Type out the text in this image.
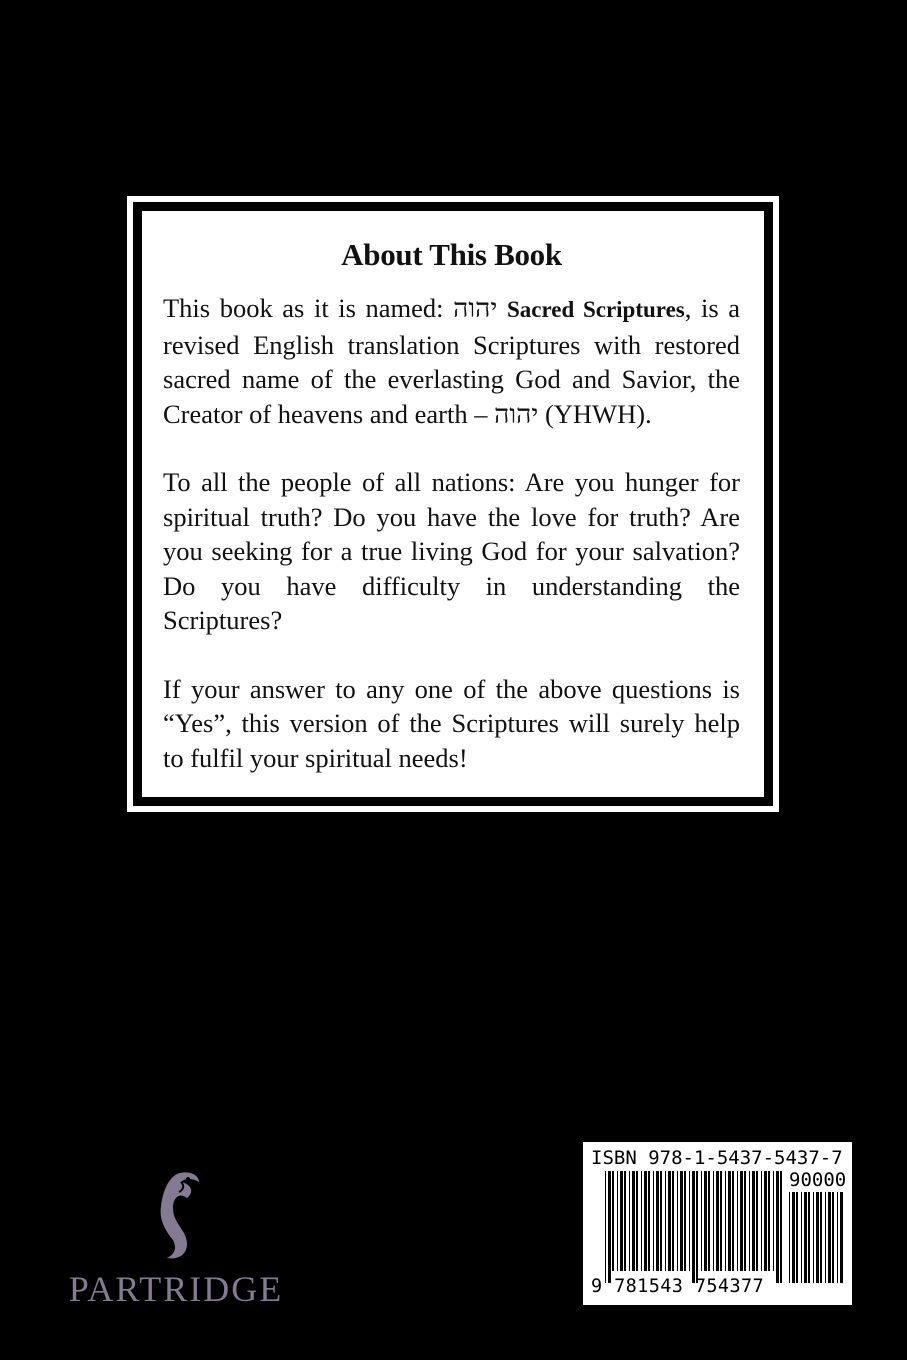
About This Book

This book as it is named: יהוה Sacred Scriptures, is a revised English translation Scriptures with restored sacred name of the everlasting God and Savior, the Creator of heavens and earth – יהוה (YHWH).

To all the people of all nations: Are you hunger for spiritual truth? Do you have the love for truth? Are you seeking for a true living God for your salvation? Do you have difficulty in understanding the Scriptures?

If your answer to any one of the above questions is “Yes”, this version of the Scriptures will surely help to fulfil your spiritual needs!

PARTRIDGE
ISBN 978-1-5437-5437-7
90000
9 781543 754377
